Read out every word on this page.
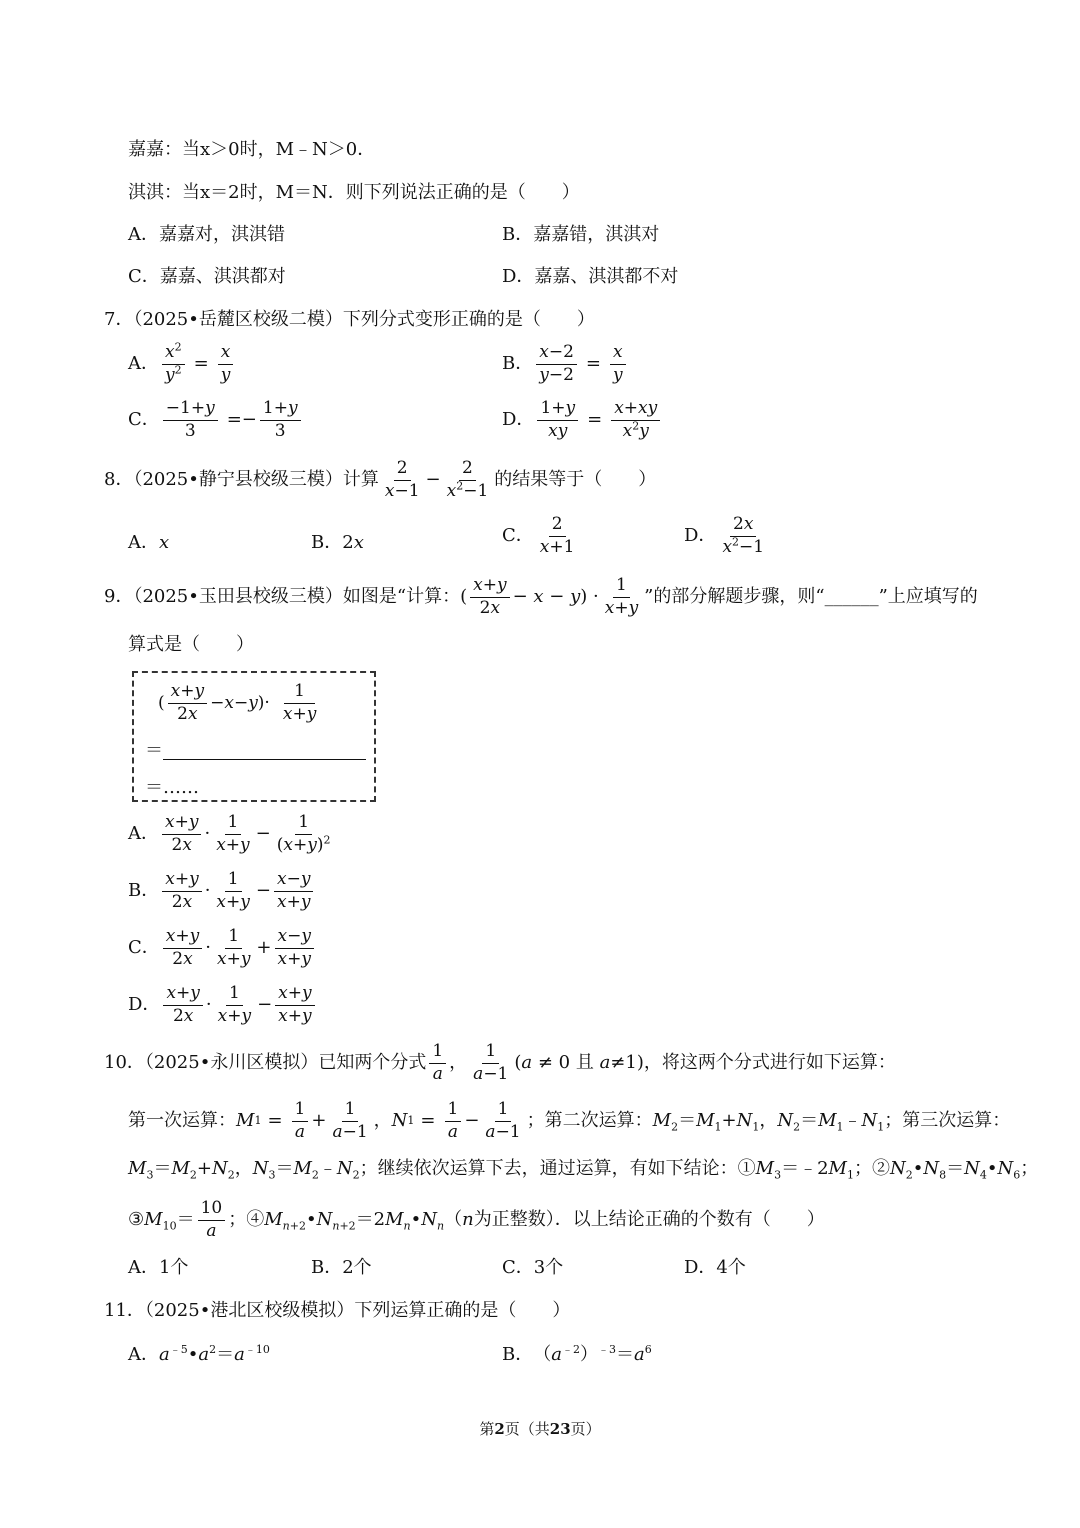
嘉嘉：当x＞0时，M﹣N＞0．
淇淇：当x＝2时，M＝N．则下列说法正确的是（　　）
A．嘉嘉对，淇淇错	B．嘉嘉错，淇淇对
C．嘉嘉、淇淇都对	D．嘉嘉、淇淇都不对
7．（2025•岳麓区校级二模）下列分式变形正确的是（　　）
A． $\frac{x^2}{y^2} = \frac{x}{y}$	B． $\frac{x-2}{y-2} = \frac{x}{y}$
C． $\frac{-1+y}{3} =- \frac{1+y}{3}$	D． $\frac{1+y}{xy} = \frac{x+xy}{x^2y}$
8．（2025•静宁县校级三模）计算 $\frac{2}{x-1} - \frac{2}{x^2-1}$ 的结果等于（　　）
A． x	B． 2 x	C． $\frac{2}{x+1}$	D． $\frac{2x}{x^2-1}$
9．（2025•玉田县校级三模）如图是“计算： ( $\frac{x+y}{2x} - x - y) \cdot \frac{1}{x+y}$ ”的部分解题步骤，则“______”上应填写的
算式是（　　）
( $\frac{x+y}{2x} -x-y)\cdot \frac{1}{x+y}$
＝
＝……
A． $\frac{x+y}{2x} \cdot \frac{1}{x+y} - \frac{1}{(x+y)^2}$
B． $\frac{x+y}{2x} \cdot \frac{1}{x+y} - \frac{x-y}{x+y}$
C． $\frac{x+y}{2x} \cdot \frac{1}{x+y} + \frac{x-y}{x+y}$
D． $\frac{x+y}{2x} \cdot \frac{1}{x+y} - \frac{x+y}{x+y}$
10．（2025•永川区模拟）已知两个分式 $\frac{1}{a}$ ， $\frac{1}{a-1} (a \ne 0$ 且 a≠1) ，将这两个分式进行如下运算：
第一次运算： M $1 = \frac{1}{a} + \frac{1}{a-1}$ ， N $1 = \frac{1}{a} - \frac{1}{a-1}$ ；第二次运算：$M_2=M_1+N_1$，$N_2=M_1﹣N_1$；第三次运算：
$M_3=M_2+N_2$，$N_3=M_2﹣N_2$；继续依次运算下去，通过运算，有如下结论：$①M_3=﹣2M_1$；$②N_2•N_8=N_4•N_6$；
$③M_{10}= \frac{10}{a}$ ；$④M_{n+2}•N_{n+2}=2M_n•N_n(n$为正整数）．以上结论正确的个数有（　　）
A．1个	B．2个	C．3个	D．4个
11．（2025•港北区校级模拟）下列运算正确的是（　　）
A． $a^{﹣5}•a^2=a^{﹣10}$	B． $(a^{﹣2})^{﹣3}=a^6$
第2页（共23页）
